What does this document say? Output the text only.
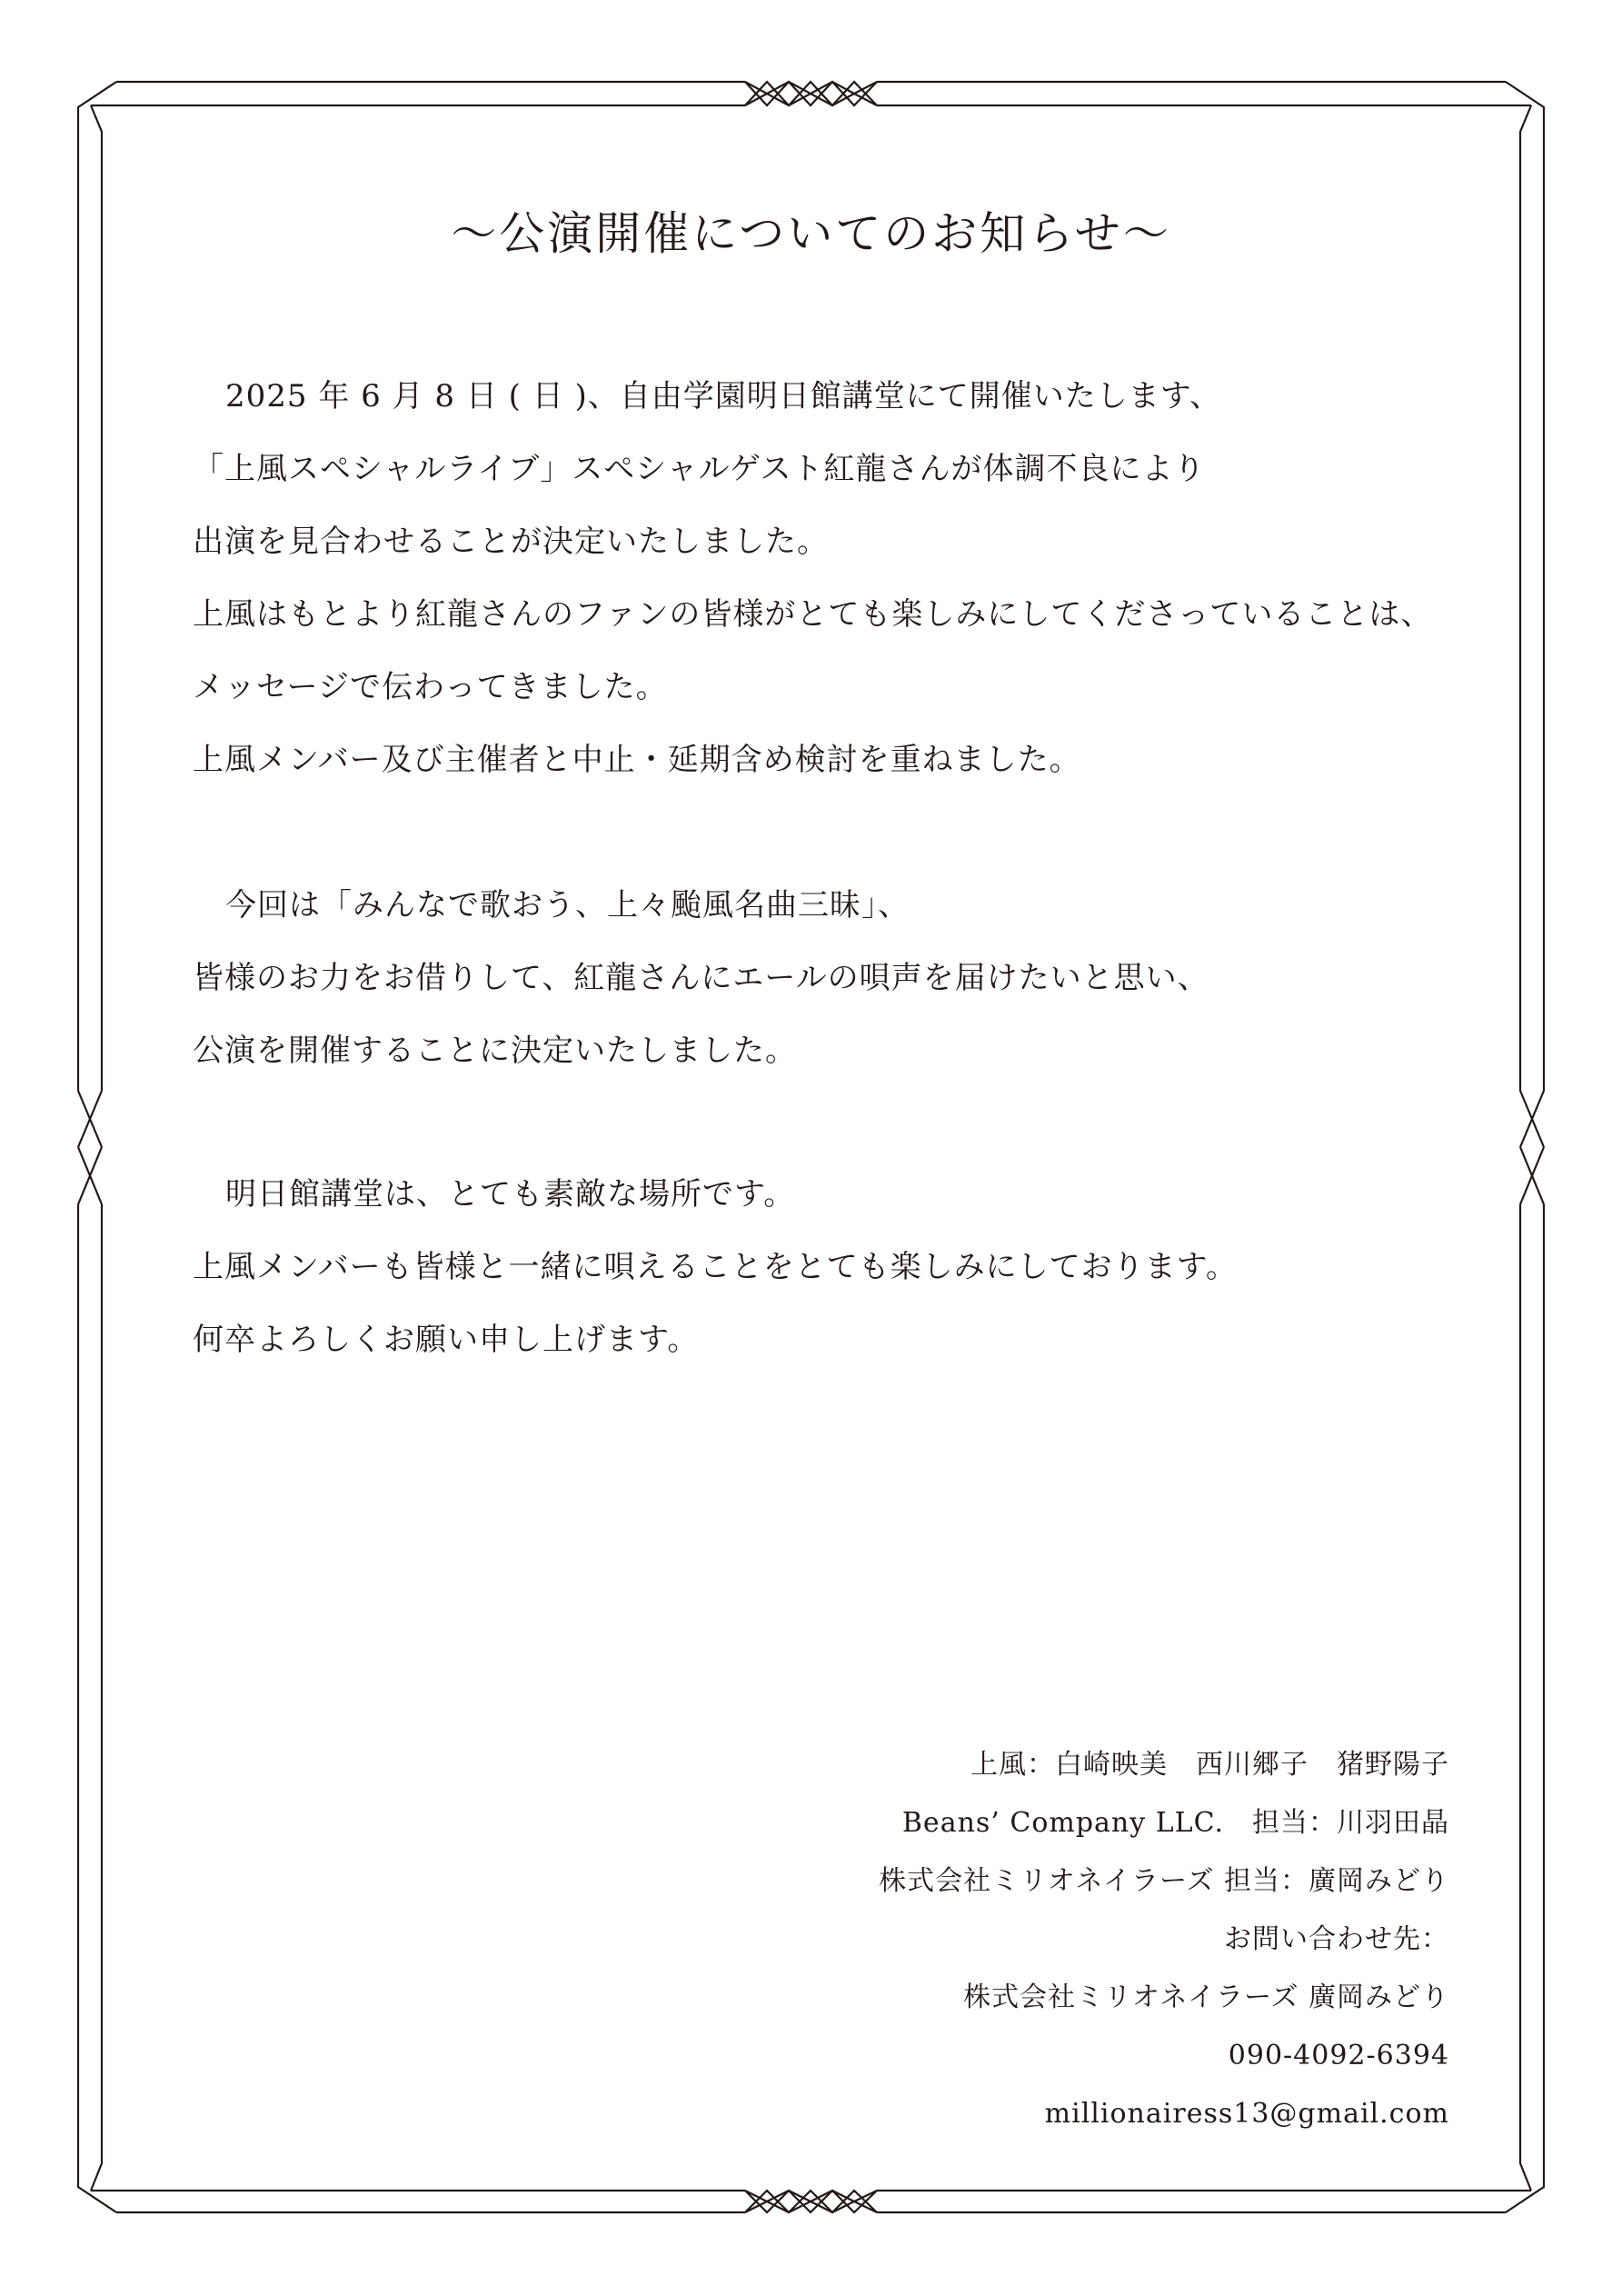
～公演開催についてのお知らせ～
2025 年 6 月 8 日 ( 日 )、自由学園明日館講堂にて開催いたします、
「上風スペシャルライブ」スペシャルゲスト紅龍さんが体調不良により
出演を見合わせることが決定いたしました。
上風はもとより紅龍さんのファンの皆様がとても楽しみにしてくださっていることは、
メッセージで伝わってきました。
上風メンバー及び主催者と中止・延期含め検討を重ねました。
今回は「みんなで歌おう、上々颱風名曲三昧」、
皆様のお力をお借りして、紅龍さんにエールの唄声を届けたいと思い、
公演を開催することに決定いたしました。
明日館講堂は、とても素敵な場所です。
上風メンバーも皆様と一緒に唄えることをとても楽しみにしております。
何卒よろしくお願い申し上げます。
上風：白崎映美　西川郷子　猪野陽子
Beans’ Company LLC.　担当：川羽田晶
株式会社ミリオネイラーズ 担当：廣岡みどり
お問い合わせ先：
株式会社ミリオネイラーズ 廣岡みどり
090-4092-6394
millionairess13@gmail.com
